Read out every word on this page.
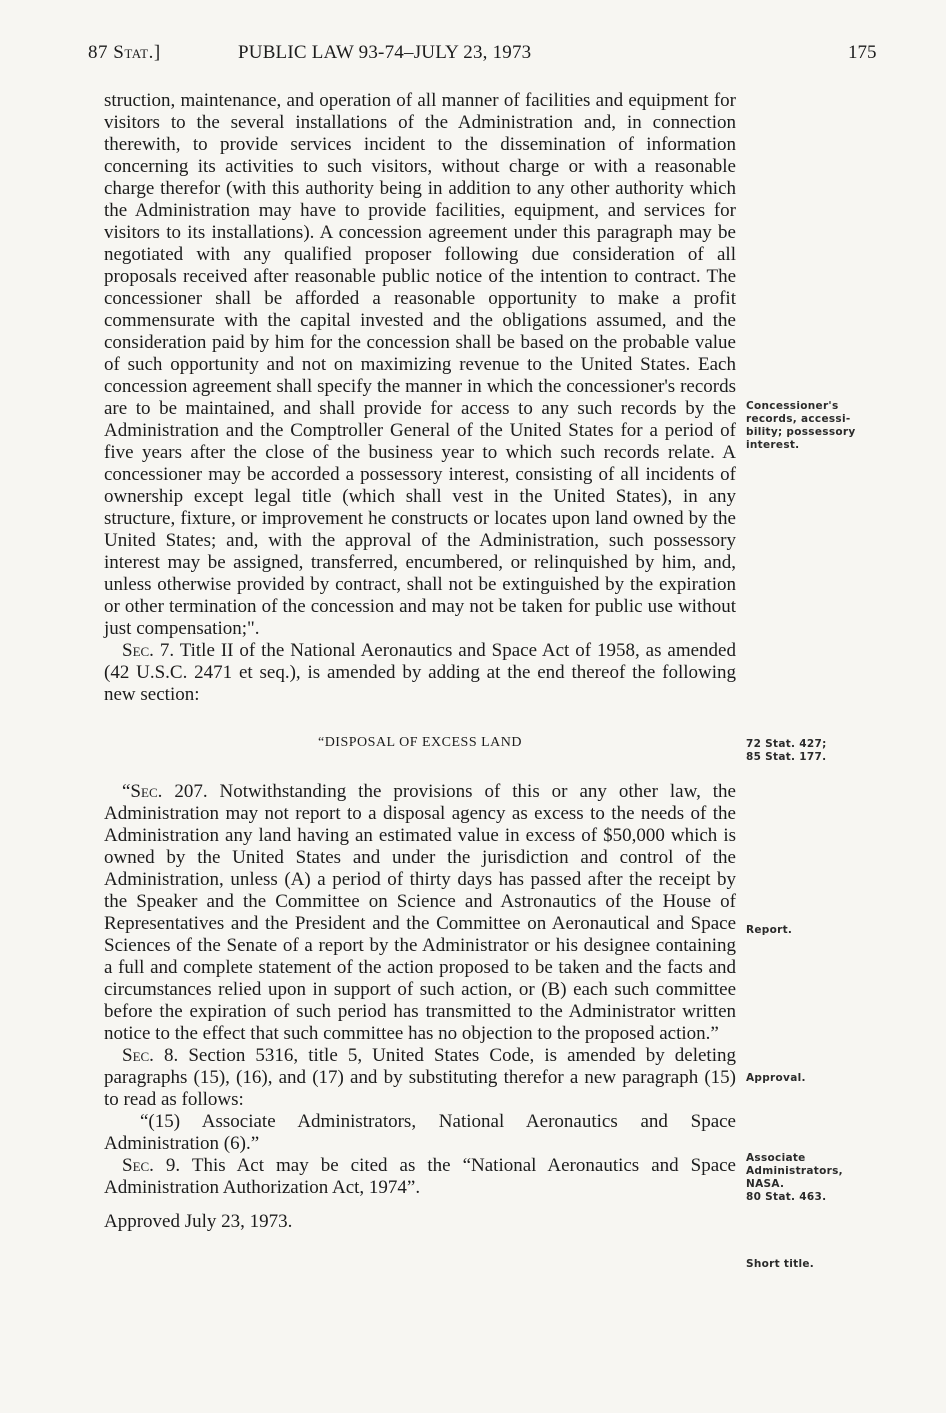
87 Stat.]	PUBLIC LAW 93-74–JULY 23, 1973	175

struction, maintenance, and operation of all manner of facilities and equipment for visitors to the several installations of the Administration and, in connection therewith, to provide services incident to the dissemination of information concerning its activities to such visitors, without charge or with a reasonable charge therefor (with this authority being in addition to any other authority which the Administration may have to provide facilities, equipment, and services for visitors to its installations). A concession agreement under this paragraph may be negotiated with any qualified proposer following due consideration of all proposals received after reasonable public notice of the intention to contract. The concessioner shall be afforded a reasonable opportunity to make a profit commensurate with the capital invested and the obligations assumed, and the consideration paid by him for the concession shall be based on the probable value of such opportunity and not on maximizing revenue to the United States. Each concession agreement shall specify the manner in which the concessioner's records are to be maintained, and shall provide for access to any such records by the Administration and the Comptroller General of the United States for a period of five years after the close of the business year to which such records relate. A concessioner may be accorded a possessory interest, consisting of all incidents of ownership except legal title (which shall vest in the United States), in any structure, fixture, or improvement he constructs or locates upon land owned by the United States; and, with the approval of the Administration, such possessory interest may be assigned, transferred, encumbered, or relinquished by him, and, unless otherwise provided by contract, shall not be extinguished by the expiration or other termination of the concession and may not be taken for public use without just compensation;".

Sec. 7. Title II of the National Aeronautics and Space Act of 1958, as amended (42 U.S.C. 2471 et seq.), is amended by adding at the end thereof the following new section:

“DISPOSAL OF EXCESS LAND

“Sec. 207. Notwithstanding the provisions of this or any other law, the Administration may not report to a disposal agency as excess to the needs of the Administration any land having an estimated value in excess of $50,000 which is owned by the United States and under the jurisdiction and control of the Administration, unless (A) a period of thirty days has passed after the receipt by the Speaker and the Committee on Science and Astronautics of the House of Representatives and the President and the Committee on Aeronautical and Space Sciences of the Senate of a report by the Administrator or his designee containing a full and complete statement of the action proposed to be taken and the facts and circumstances relied upon in support of such action, or (B) each such committee before the expiration of such period has transmitted to the Administrator written notice to the effect that such committee has no objection to the proposed action.”

Sec. 8. Section 5316, title 5, United States Code, is amended by deleting paragraphs (15), (16), and (17) and by substituting therefor a new paragraph (15) to read as follows:

“(15) Associate Administrators, National Aeronautics and Space Administration (6).”

Sec. 9. This Act may be cited as the “National Aeronautics and Space Administration Authorization Act, 1974”.

Approved July 23, 1973.

Concessioner's
records, accessi-
bility; possessory
interest.
72 Stat. 427;
85 Stat. 177.
Report.
Approval.
Associate
Administrators,
NASA.
80 Stat. 463.
Short title.
